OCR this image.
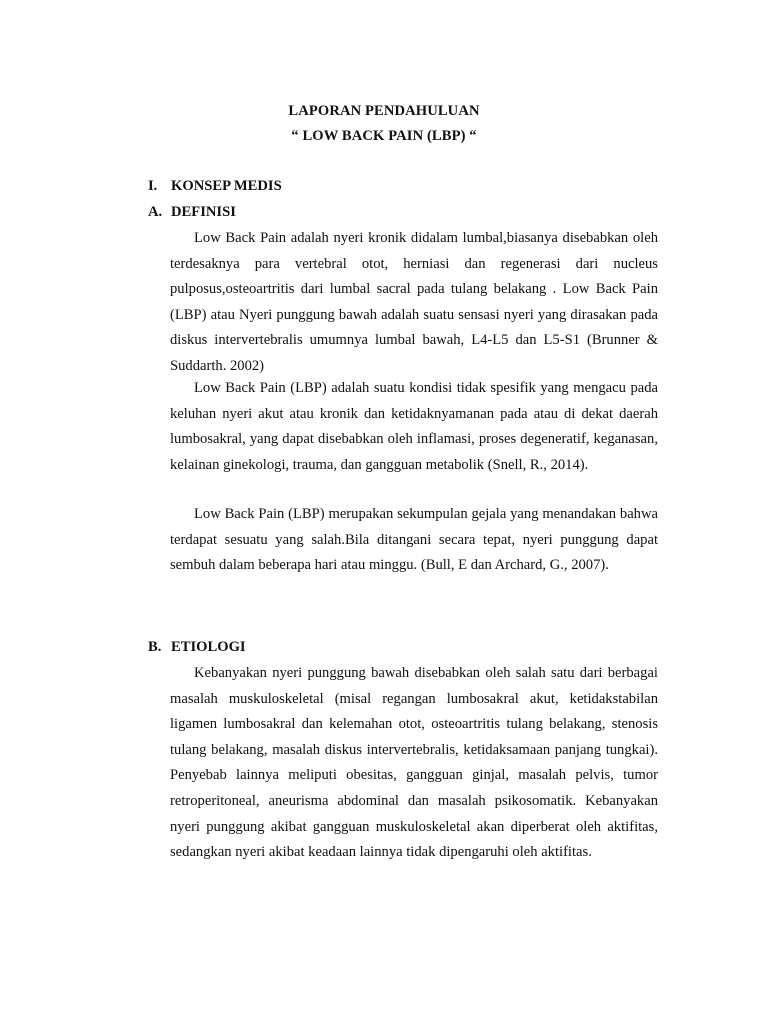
LAPORAN PENDAHULUAN
“ LOW BACK PAIN (LBP) “
I. KONSEP MEDIS
A. DEFINISI

Low Back Pain adalah nyeri kronik didalam lumbal,biasanya disebabkan oleh terdesaknya para vertebral otot, herniasi dan regenerasi dari nucleus pulposus,osteoartritis dari lumbal sacral pada tulang belakang . Low Back Pain (LBP) atau Nyeri punggung bawah adalah suatu sensasi nyeri yang dirasakan pada diskus intervertebralis umumnya lumbal bawah, L4-L5 dan L5-S1 (Brunner & Suddarth. 2002)

Low Back Pain (LBP) adalah suatu kondisi tidak spesifik yang mengacu pada keluhan nyeri akut atau kronik dan ketidaknyamanan pada atau di dekat daerah lumbosakral, yang dapat disebabkan oleh inflamasi, proses degeneratif, keganasan, kelainan ginekologi, trauma, dan gangguan metabolik (Snell, R., 2014).

Low Back Pain (LBP) merupakan sekumpulan gejala yang menandakan bahwa terdapat sesuatu yang salah.Bila ditangani secara tepat, nyeri punggung dapat sembuh dalam beberapa hari atau minggu. (Bull, E dan Archard, G., 2007).

B. ETIOLOGI

Kebanyakan nyeri punggung bawah disebabkan oleh salah satu dari berbagai masalah muskuloskeletal (misal regangan lumbosakral akut, ketidakstabilan ligamen lumbosakral dan kelemahan otot, osteoartritis tulang belakang, stenosis tulang belakang, masalah diskus intervertebralis, ketidaksamaan panjang tungkai). Penyebab lainnya meliputi obesitas, gangguan ginjal, masalah pelvis, tumor retroperitoneal, aneurisma abdominal dan masalah psikosomatik. Kebanyakan nyeri punggung akibat gangguan muskuloskeletal akan diperberat oleh aktifitas, sedangkan nyeri akibat keadaan lainnya tidak dipengaruhi oleh aktifitas.
